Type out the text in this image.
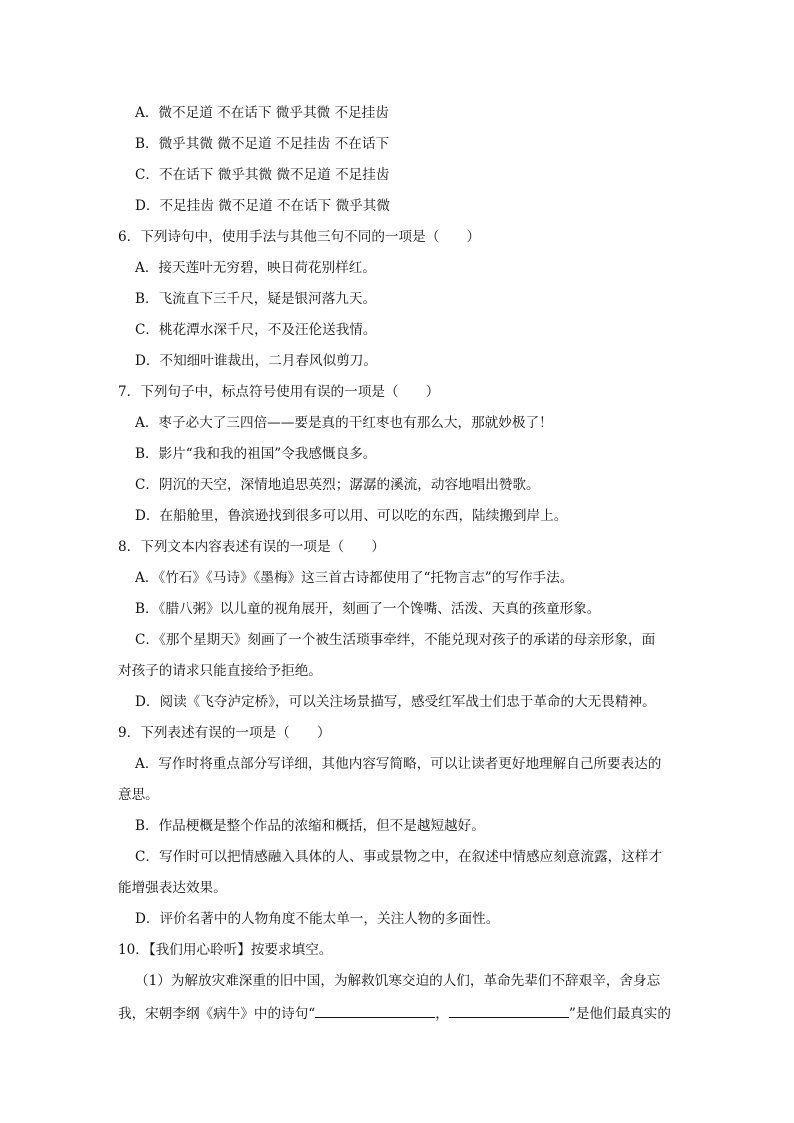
A．微不足道 不在话下 微乎其微 不足挂齿
B．微乎其微 微不足道 不足挂齿 不在话下
C．不在话下 微乎其微 微不足道 不足挂齿
D．不足挂齿 微不足道 不在话下 微乎其微
6．下列诗句中，使用手法与其他三句不同的一项是（　　）
A．接天莲叶无穷碧，映日荷花别样红。
B．飞流直下三千尺，疑是银河落九天。
C．桃花潭水深千尺，不及汪伦送我情。
D．不知细叶谁裁出，二月春风似剪刀。
7．下列句子中，标点符号使用有误的一项是（　　）
A．枣子必大了三四倍——要是真的干红枣也有那么大，那就妙极了！
B．影片“我和我的祖国”令我感慨良多。
C．阴沉的天空，深情地追思英烈；潺潺的溪流，动容地唱出赞歌。
D．在船舱里，鲁滨逊找到很多可以用、可以吃的东西，陆续搬到岸上。
8．下列文本内容表述有误的一项是（　　）
A．《竹石》《马诗》《墨梅》这三首古诗都使用了“托物言志”的写作手法。
B．《腊八粥》以儿童的视角展开，刻画了一个馋嘴、活泼、天真的孩童形象。
C．《那个星期天》刻画了一个被生活琐事牵绊，不能兑现对孩子的承诺的母亲形象，面
对孩子的请求只能直接给予拒绝。
D．阅读《飞夺泸定桥》，可以关注场景描写，感受红军战士们忠于革命的大无畏精神。
9．下列表述有误的一项是（　　）
A．写作时将重点部分写详细，其他内容写简略，可以让读者更好地理解自己所要表达的
意思。
B．作品梗概是整个作品的浓缩和概括，但不是越短越好。
C．写作时可以把情感融入具体的人、事或景物之中，在叙述中情感应刻意流露，这样才
能增强表达效果。
D．评价名著中的人物角度不能太单一，关注人物的多面性。
10．【我们用心聆听】按要求填空。
（1）为解放灾难深重的旧中国，为解救饥寒交迫的人们，革命先辈们不辞艰辛，舍身忘
我，宋朝李纲《病牛》中的诗句“	，	”是他们最真实的
